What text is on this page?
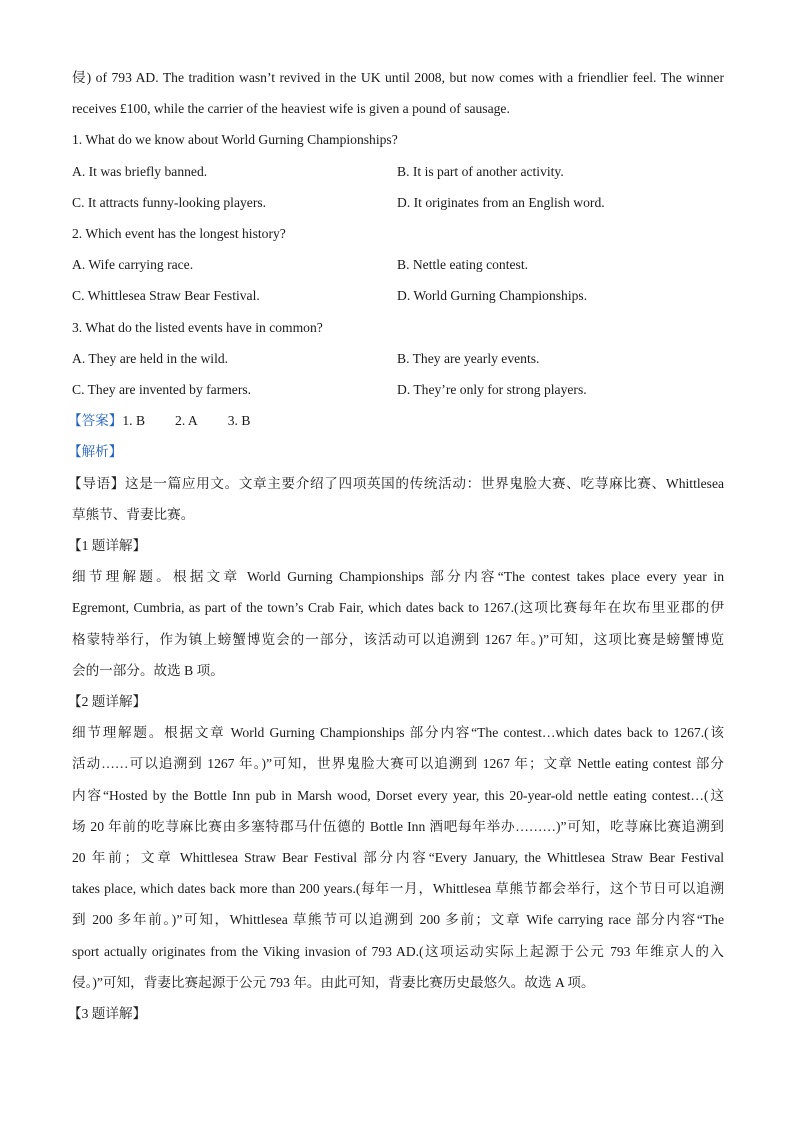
侵) of 793 AD. The tradition wasn’t revived in the UK until 2008, but now comes with a friendlier feel. The winner
receives £100, while the carrier of the heaviest wife is given a pound of sausage.
1. What do we know about World Gurning Championships?
A. It was briefly banned.	B. It is part of another activity.
C. It attracts funny-looking players.	D. It originates from an English word.
2. Which event has the longest history?
A. Wife carrying race.	B. Nettle eating contest.
C. Whittlesea Straw Bear Festival.	D. World Gurning Championships.
3. What do the listed events have in common?
A. They are held in the wild.	B. They are yearly events.
C. They are invented by farmers.	D. They’re only for strong players.
【答案】1. B 2. A 3. B
【解析】
【导语】这是一篇应用文。文章主要介绍了四项英国的传统活动：世界鬼脸大赛、吃荨麻比赛、Whittlesea
草熊节、背妻比赛。
【1 题详解】
细节理解题。根据文章 World Gurning Championships 部分内容“The contest takes place every year in
Egremont, Cumbria, as part of the town’s Crab Fair, which dates back to 1267.(这项比赛每年在坎布里亚郡的伊
格蒙特举行，作为镇上螃蟹博览会的一部分，该活动可以追溯到 1267 年。)”可知，这项比赛是螃蟹博览
会的一部分。故选 B 项。
【2 题详解】
细节理解题。根据文章 World Gurning Championships 部分内容“The contest…which dates back to 1267.(该
活动……可以追溯到 1267 年。)”可知，世界鬼脸大赛可以追溯到 1267 年；文章 Nettle eating contest 部分
内容“Hosted by the Bottle Inn pub in Marsh wood, Dorset every year, this 20-year-old nettle eating contest…(这
场 20 年前的吃荨麻比赛由多塞特郡马什伍德的 Bottle Inn 酒吧每年举办………)”可知，吃荨麻比赛追溯到
20 年前；文章 Whittlesea Straw Bear Festival 部分内容“Every January, the Whittlesea Straw Bear Festival
takes place, which dates back more than 200 years.(每年一月，Whittlesea 草熊节都会举行，这个节日可以追溯
到 200 多年前。)”可知，Whittlesea 草熊节可以追溯到 200 多前；文章 Wife carrying race 部分内容“The
sport actually originates from the Viking invasion of 793 AD.(这项运动实际上起源于公元 793 年维京人的入
侵。)”可知，背妻比赛起源于公元 793 年。由此可知，背妻比赛历史最悠久。故选 A 项。
【3 题详解】
